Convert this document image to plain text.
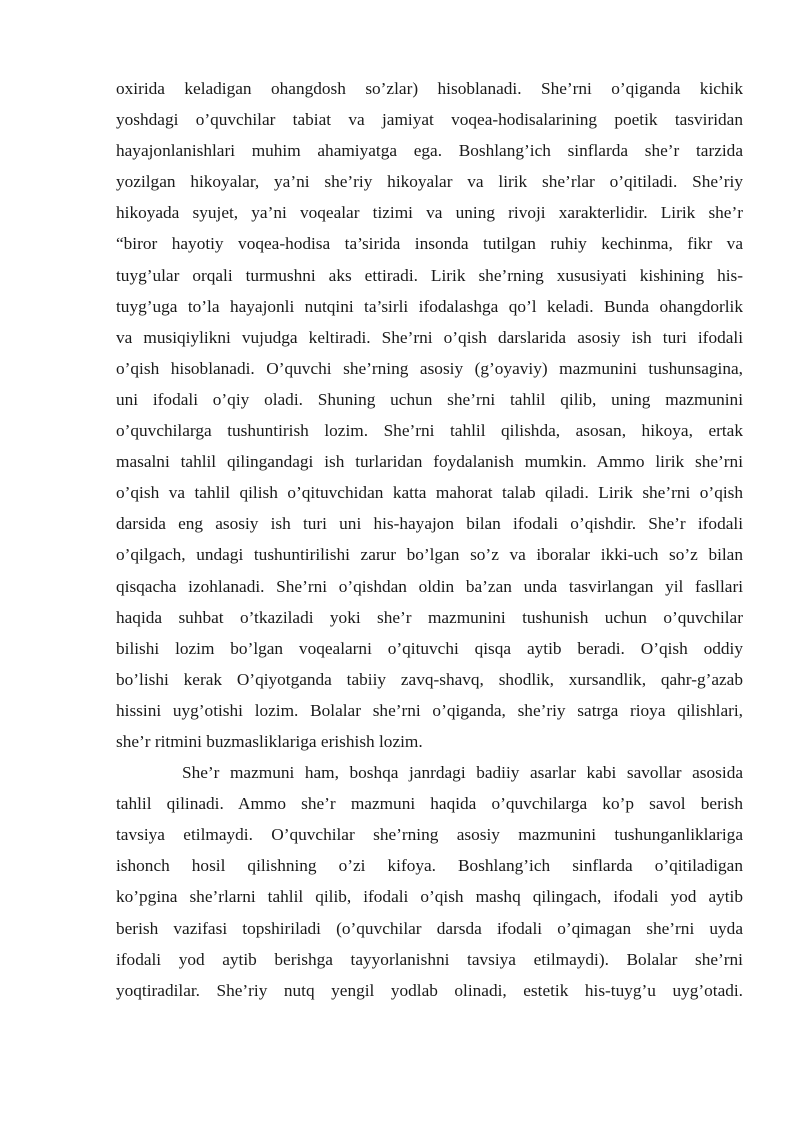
oxirida keladigan ohangdosh so’zlar) hisoblanadi. She’rni o’qiganda kichik
yoshdagi o’quvchilar tabiat va jamiyat voqea-hodisalarining poetik tasviridan
hayajonlanishlari muhim ahamiyatga ega. Boshlang’ich sinflarda she’r tarzida
yozilgan hikoyalar, ya’ni she’riy hikoyalar va lirik she’rlar o’qitiladi. She’riy
hikoyada syujet, ya’ni voqealar tizimi va uning rivoji xarakterlidir. Lirik she’r
“biror hayotiy voqea-hodisa ta’sirida insonda tutilgan ruhiy kechinma, fikr va
tuyg’ular orqali turmushni aks ettiradi. Lirik she’rning xususiyati kishining his-
tuyg’uga to’la hayajonli nutqini ta’sirli ifodalashga qo’l keladi. Bunda ohangdorlik
va musiqiylikni vujudga keltiradi. She’rni o’qish darslarida asosiy ish turi ifodali
o’qish hisoblanadi. O’quvchi she’rning asosiy (g’oyaviy) mazmunini tushunsagina,
uni ifodali o’qiy oladi. Shuning uchun she’rni tahlil qilib, uning mazmunini
o’quvchilarga tushuntirish lozim. She’rni tahlil qilishda, asosan, hikoya, ertak
masalni tahlil qilingandagi ish turlaridan foydalanish mumkin. Ammo lirik she’rni
o’qish va tahlil qilish o’qituvchidan katta mahorat talab qiladi. Lirik she’rni o’qish
darsida eng asosiy ish turi uni his-hayajon bilan ifodali o’qishdir. She’r ifodali
o’qilgach, undagi tushuntirilishi zarur bo’lgan so’z va iboralar ikki-uch so’z bilan
qisqacha izohlanadi. She’rni o’qishdan oldin ba’zan unda tasvirlangan yil fasllari
haqida suhbat o’tkaziladi yoki she’r mazmunini tushunish uchun o’quvchilar
bilishi lozim bo’lgan voqealarni o’qituvchi qisqa aytib beradi. O’qish oddiy
bo’lishi kerak O’qiyotganda tabiiy zavq-shavq, shodlik, xursandlik, qahr-g’azab
hissini uyg’otishi lozim. Bolalar she’rni o’qiganda, she’riy satrga rioya qilishlari,
she’r ritmini buzmasliklariga erishish lozim.
She’r mazmuni ham, boshqa janrdagi badiiy asarlar kabi savollar asosida
tahlil qilinadi. Ammo she’r mazmuni haqida o’quvchilarga ko’p savol berish
tavsiya etilmaydi. O’quvchilar she’rning asosiy mazmunini tushunganliklariga
ishonch hosil qilishning o’zi kifoya. Boshlang’ich sinflarda o’qitiladigan
ko’pgina she’rlarni tahlil qilib, ifodali o’qish mashq qilingach, ifodali yod aytib
berish vazifasi topshiriladi (o’quvchilar darsda ifodali o’qimagan she’rni uyda
ifodali yod aytib berishga tayyorlanishni tavsiya etilmaydi). Bolalar she’rni
yoqtiradilar. She’riy nutq yengil yodlab olinadi, estetik his-tuyg’u uyg’otadi.
